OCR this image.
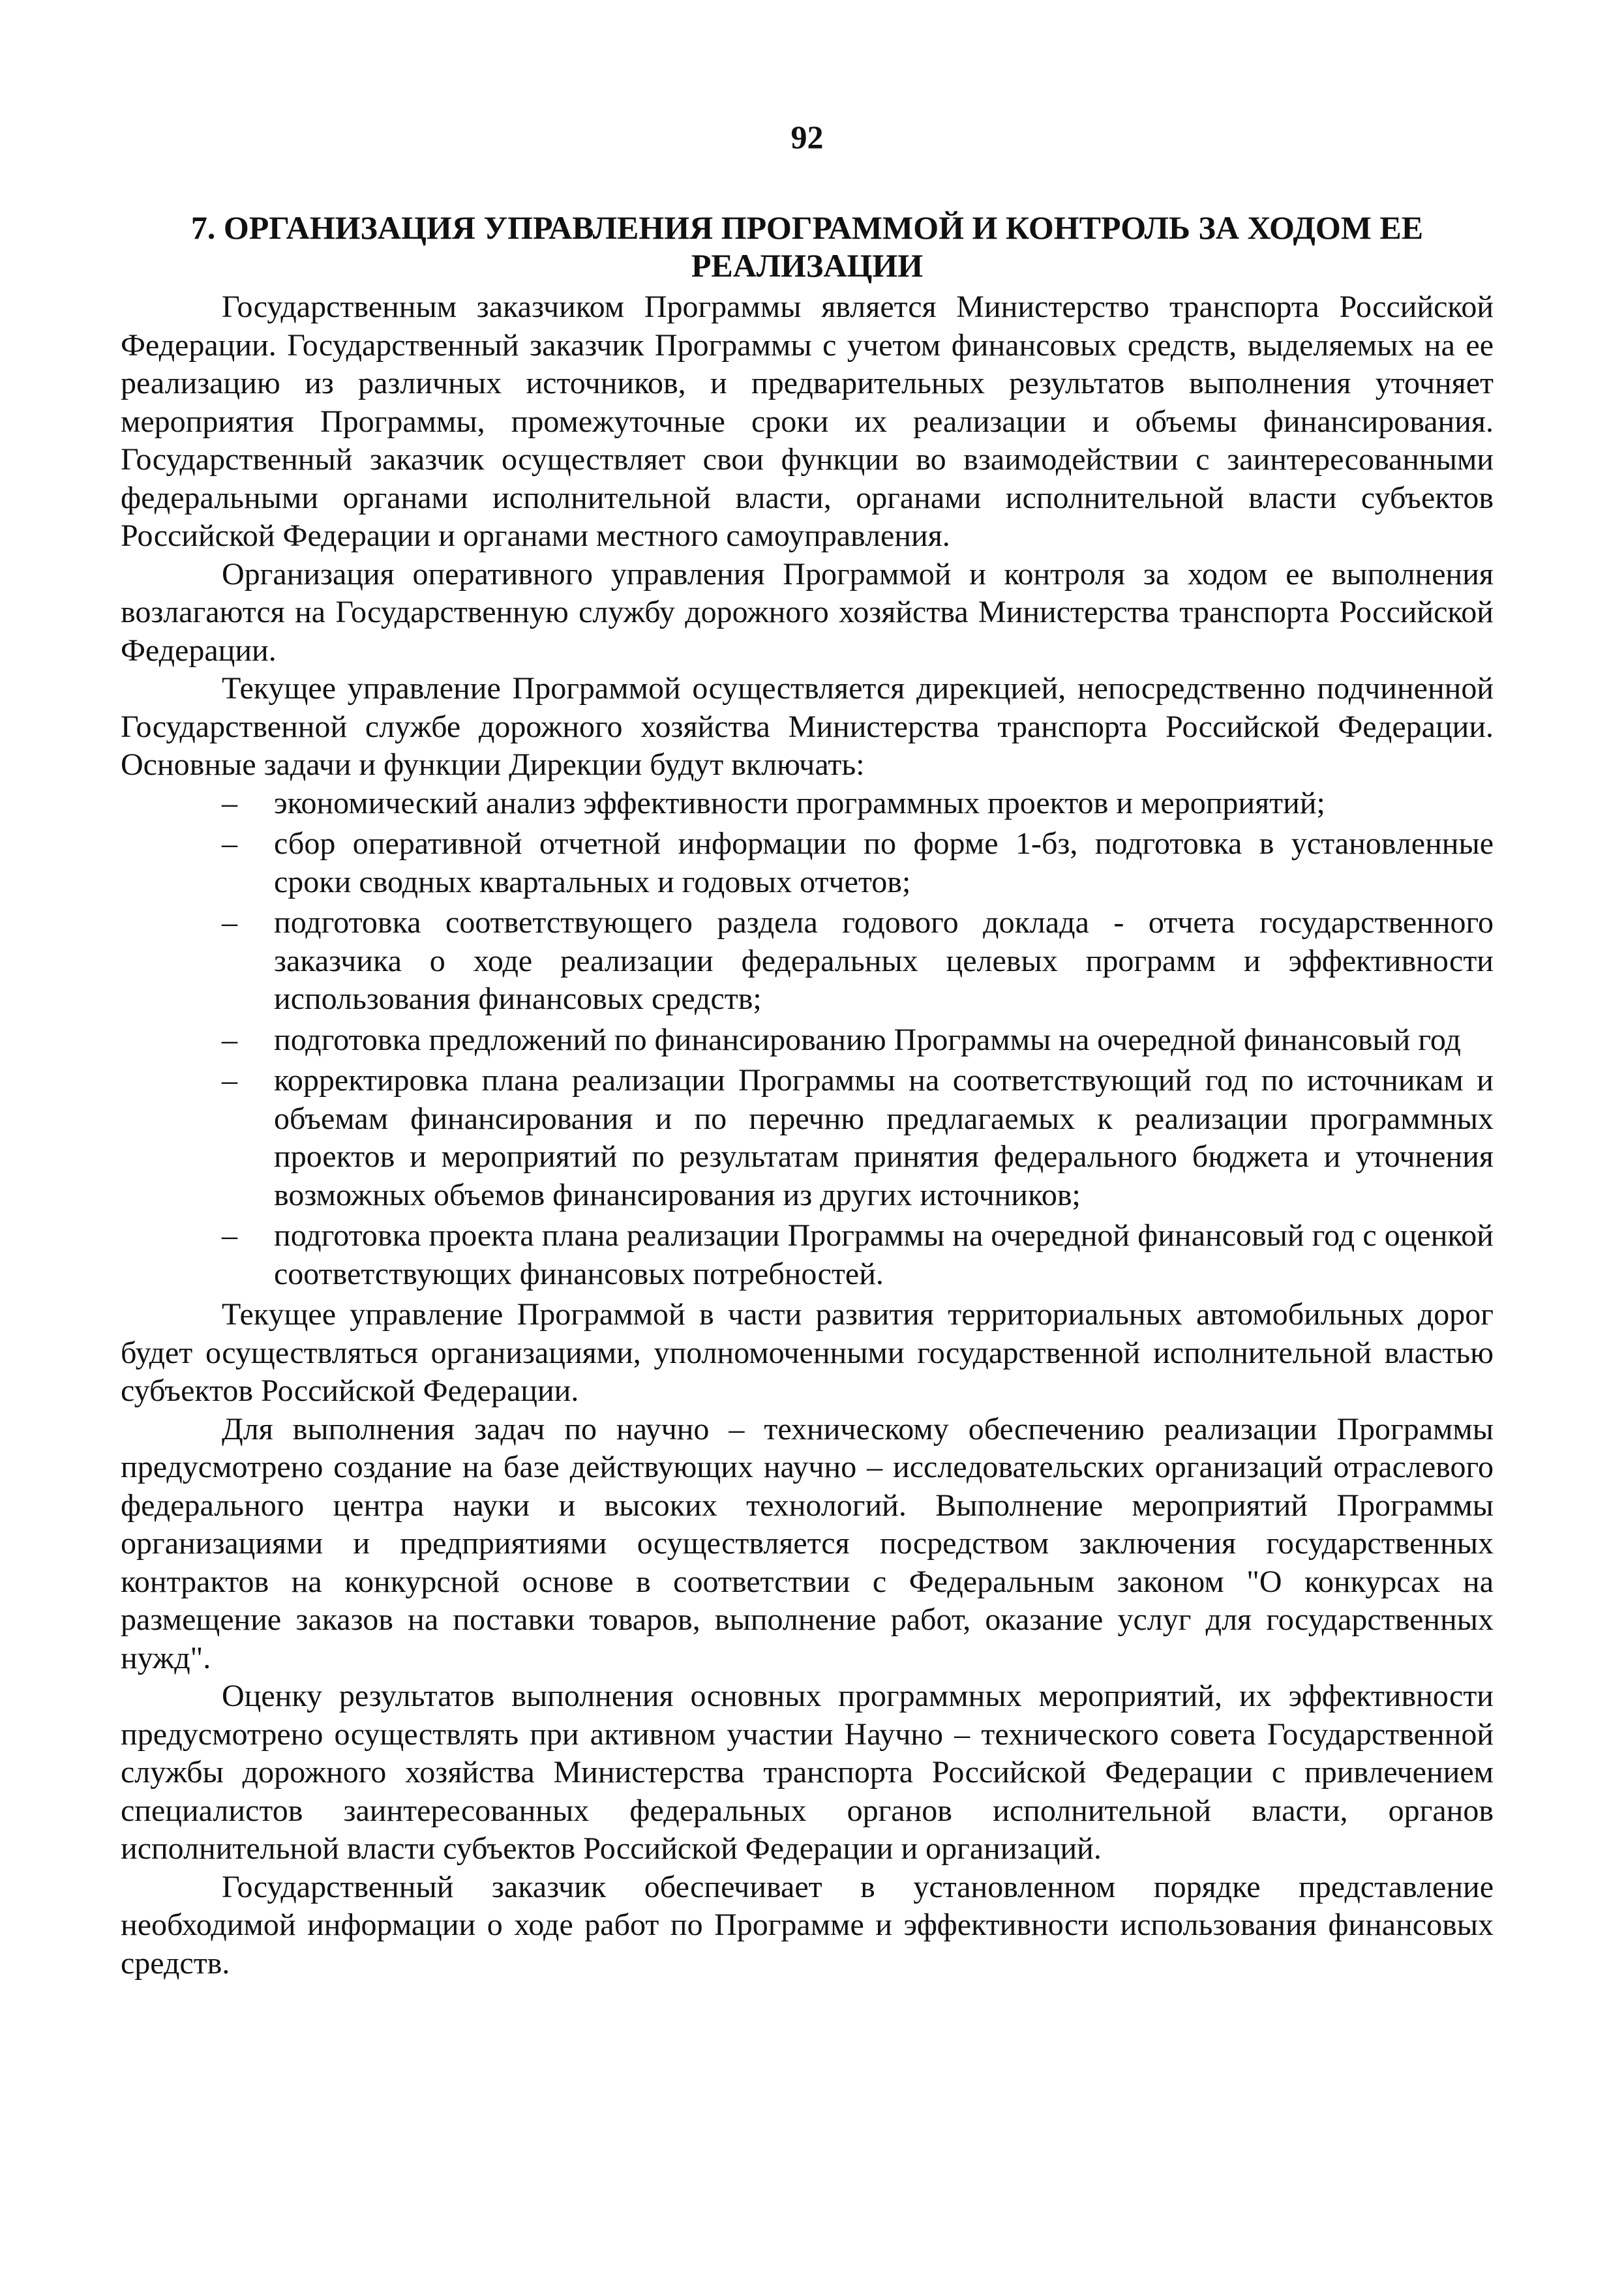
92
7. ОРГАНИЗАЦИЯ УПРАВЛЕНИЯ ПРОГРАММОЙ И КОНТРОЛЬ ЗА ХОДОМ ЕЕ РЕАЛИЗАЦИИ

Государственным заказчиком Программы является Министерство транспорта Российской Федерации. Государственный заказчик Программы с учетом финансовых средств, выделяемых на ее реализацию из различных источников, и предварительных результатов выполнения уточняет мероприятия Программы, промежуточные сроки их реализации и объемы финансирования. Государственный заказчик осуществляет свои функции во взаимодействии с заинтересованными федеральными органами исполнительной власти, органами исполнительной власти субъектов Российской Федерации и органами местного самоуправления.

Организация оперативного управления Программой и контроля за ходом ее выполнения возлагаются на Государственную службу дорожного хозяйства Министерства транспорта Российской Федерации.

Текущее управление Программой осуществляется дирекцией, непосредственно подчиненной Государственной службе дорожного хозяйства Министерства транспорта Российской Федерации. Основные задачи и функции Дирекции будут включать:

– экономический анализ эффективности программных проектов и мероприятий;
– сбор оперативной отчетной информации по форме 1-бз, подготовка в установленные сроки сводных квартальных и годовых отчетов;
– подготовка соответствующего раздела годового доклада - отчета государственного заказчика о ходе реализации федеральных целевых программ и эффективности использования финансовых средств;
– подготовка предложений по финансированию Программы на очередной финансовый год
– корректировка плана реализации Программы на соответствующий год по источникам и объемам финансирования и по перечню предлагаемых к реализации программных проектов и мероприятий по результатам принятия федерального бюджета и уточнения возможных объемов финансирования из других источников;
– подготовка проекта плана реализации Программы на очередной финансовый год с оценкой соответствующих финансовых потребностей.

Текущее управление Программой в части развития территориальных автомобильных дорог будет осуществляться организациями, уполномоченными государственной исполнительной властью субъектов Российской Федерации.

Для выполнения задач по научно – техническому обеспечению реализации Программы предусмотрено создание на базе действующих научно – исследовательских организаций отраслевого федерального центра науки и высоких технологий. Выполнение мероприятий Программы организациями и предприятиями осуществляется посредством заключения государственных контрактов на конкурсной основе в соответствии с Федеральным законом "О конкурсах на размещение заказов на поставки товаров, выполнение работ, оказание услуг для государственных нужд".

Оценку результатов выполнения основных программных мероприятий, их эффективности предусмотрено осуществлять при активном участии Научно – технического совета Государственной службы дорожного хозяйства Министерства транспорта Российской Федерации с привлечением специалистов заинтересованных федеральных органов исполнительной власти, органов исполнительной власти субъектов Российской Федерации и организаций.

Государственный заказчик обеспечивает в установленном порядке представление необходимой информации о ходе работ по Программе и эффективности использования финансовых средств.
